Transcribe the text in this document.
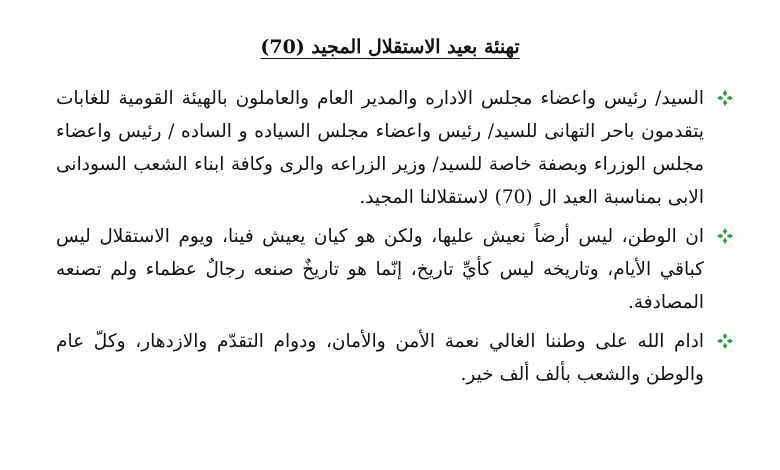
تهنئة بعيد الاستقلال المجيد (70)
السيد/ رئيس واعضاء مجلس الاداره والمدير العام والعاملون بالهيئة القومية للغابات يتقدمون باحر التهانى للسيد/ رئيس واعضاء مجلس السياده و الساده / رئيس واعضاء مجلس الوزراء وبصفة خاصة للسيد/ وزير الزراعه والرى وكافة ابناء الشعب السودانى الابى بمناسبة العيد ال (70) لاستقلالنا المجيد.
ان الوطن، ليس أرضاً نعيش عليها، ولكن هو كيان يعيش فينا، ويوم الاستقلال ليس كباقي الأيام، وتاريخه ليس كأيِّ تاريخ، إنّما هو تاريخٌ صنعه رجالٌ عظماء ولم تصنعه المصادفة.
ادام الله على وطننا الغالي نعمة الأمن والأمان، ودوام التقدّم والازدهار، وكلّ عام والوطن والشعب بألف ألف خير.
